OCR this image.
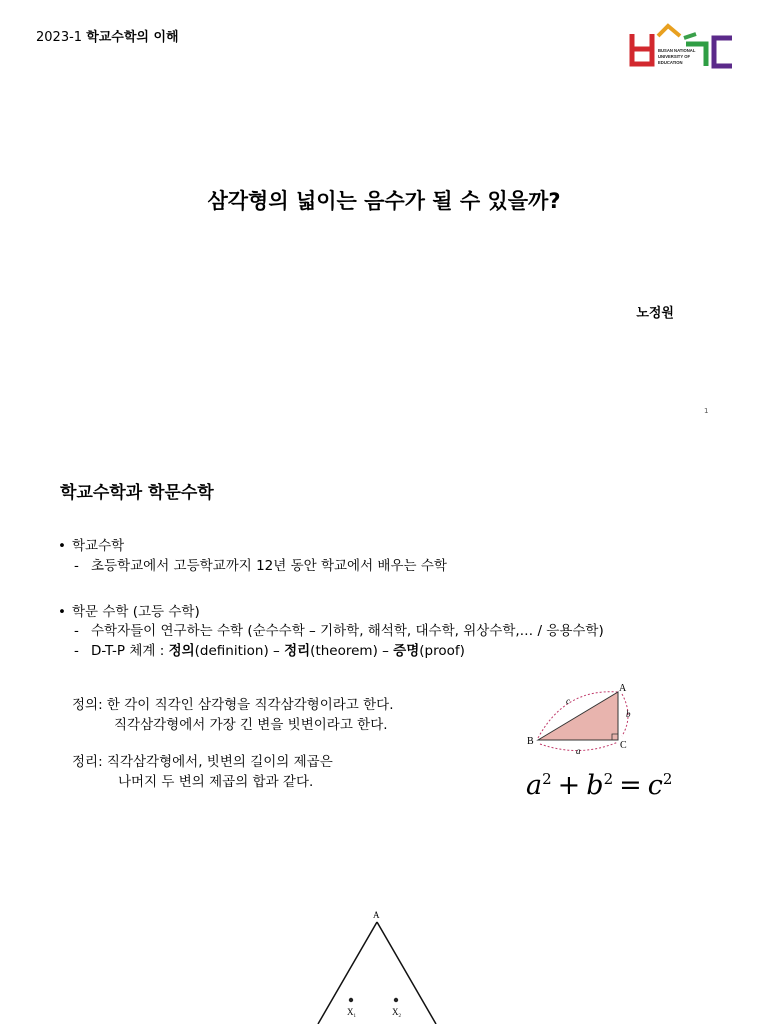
2023-1 학교수학의 이해
BUSAN NATIONAL
UNIVERSITY OF
EDUCATION
삼각형의 넓이는 음수가 될 수 있을까?
노정원
1
학교수학과 학문수학
• 학교수학
- 초등학교에서 고등학교까지 12년 동안 학교에서 배우는 수학
• 학문 수학 (고등 수학)
- 수학자들이 연구하는 수학 (순수수학 – 기하학, 해석학, 대수학, 위상수학,… / 응용수학)
- D-T-P 체계 : 정의(definition) – 정리(theorem) – 증명(proof)
정의: 한 각이 직각인 삼각형을 직각삼각형이라고 한다.
직각삼각형에서 가장 긴 변을 빗변이라고 한다.
정리: 직각삼각형에서, 빗변의 길이의 제곱은
나머지 두 변의 제곱의 합과 같다.
A
B	C
a
b
c
$a^2 + b^2 = c^2$
A
$X_1$	$X_2$
